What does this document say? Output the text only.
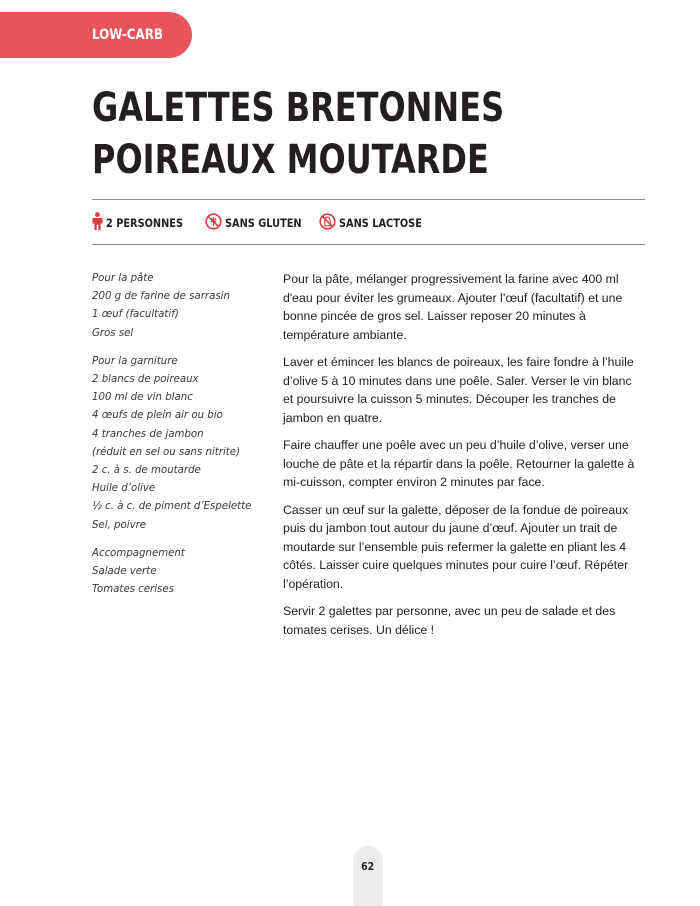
LOW-CARB
GALETTES BRETONNES
POIREAUX MOUTARDE
2 PERSONNES	SANS GLUTEN	SANS LACTOSE
Pour la pâte
200 g de farine de sarrasin
1 œuf (facultatif)
Gros sel
Pour la garniture
2 blancs de poireaux
100 ml de vin blanc
4 œufs de plein air ou bio
4 tranches de jambon
(réduit en sel ou sans nitrite)
2 c. à s. de moutarde
Huile d’olive
½ c. à c. de piment d’Espelette
Sel, poivre
Accompagnement
Salade verte
Tomates cerises

Pour la pâte, mélanger progressivement la farine avec 400 ml d'eau pour éviter les grumeaux. Ajouter l’œuf (facultatif) et une bonne pincée de gros sel. Laisser reposer 20 minutes à température ambiante.

Laver et émincer les blancs de poireaux, les faire fondre à l’huile d’olive 5 à 10 minutes dans une poêle. Saler. Verser le vin blanc et poursuivre la cuisson 5 minutes. Découper les tranches de jambon en quatre.

Faire chauffer une poêle avec un peu d’huile d’olive, verser une louche de pâte et la répartir dans la poêle. Retourner la galette à mi-cuisson, compter environ 2 minutes par face.

Casser un œuf sur la galette, déposer de la fondue de poireaux puis du jambon tout autour du jaune d’œuf. Ajouter un trait de moutarde sur l’ensemble puis refermer la galette en pliant les 4 côtés. Laisser cuire quelques minutes pour cuire l’œuf. Répéter l’opération.

Servir 2 galettes par personne, avec un peu de salade et des tomates cerises. Un délice !

62
